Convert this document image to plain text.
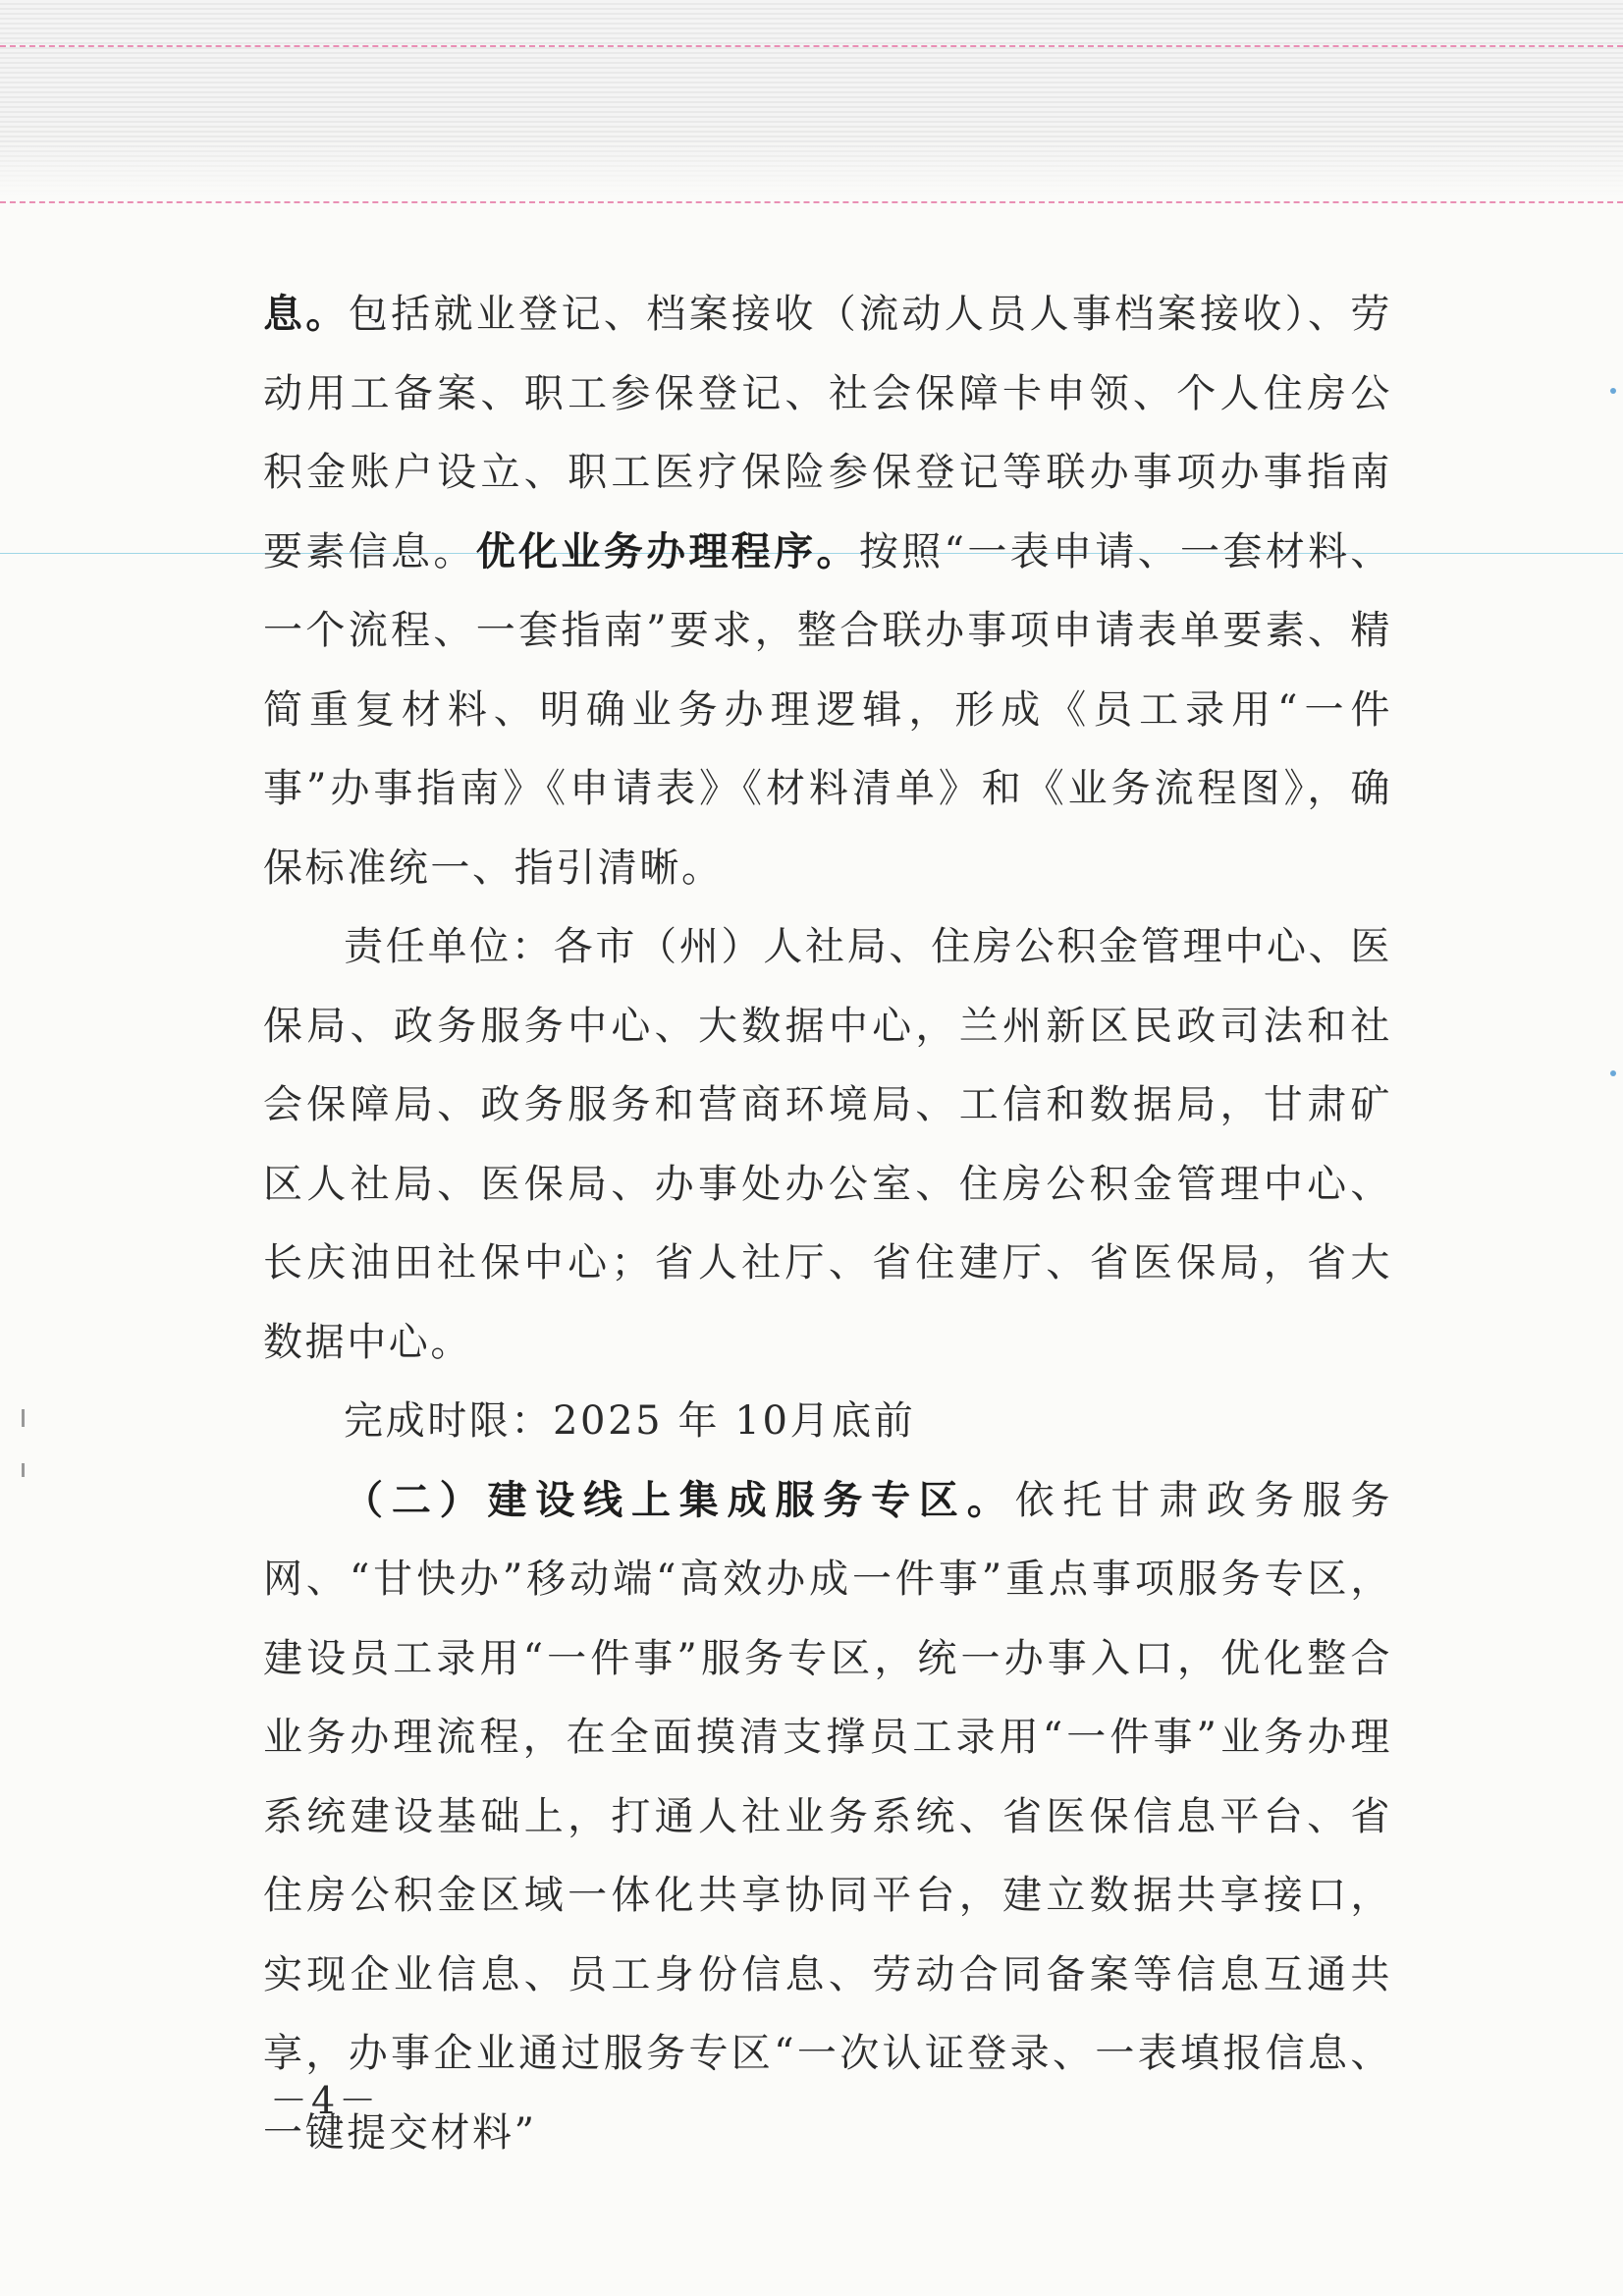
息。包括就业登记、档案接收（流动人员人事档案接收）、劳动用工备案、职工参保登记、社会保障卡申领、个人住房公积金账户设立、职工医疗保险参保登记等联办事项办事指南要素信息。优化业务办理程序。按照“一表申请、一套材料、一个流程、一套指南”要求，整合联办事项申请表单要素、精简重复材料、明确业务办理逻辑，形成《员工录用“一件事”办事指南》《申请表》《材料清单》和《业务流程图》，确保标准统一、指引清晰。

责任单位：各市（州）人社局、住房公积金管理中心、医保局、政务服务中心、大数据中心，兰州新区民政司法和社会保障局、政务服务和营商环境局、工信和数据局，甘肃矿区人社局、医保局、办事处办公室、住房公积金管理中心、长庆油田社保中心；省人社厅、省住建厅、省医保局，省大数据中心。

完成时限：2025 年 10月底前

（二）建设线上集成服务专区。依托甘肃政务服务网、“甘快办”移动端“高效办成一件事”重点事项服务专区，建设员工录用“一件事”服务专区，统一办事入口，优化整合业务办理流程，在全面摸清支撑员工录用“一件事”业务办理系统建设基础上，打通人社业务系统、省医保信息平台、省住房公积金区域一体化共享协同平台，建立数据共享接口，实现企业信息、员工身份信息、劳动合同备案等信息互通共享，办事企业通过服务专区“一次认证登录、一表填报信息、一键提交材料”

－4－
